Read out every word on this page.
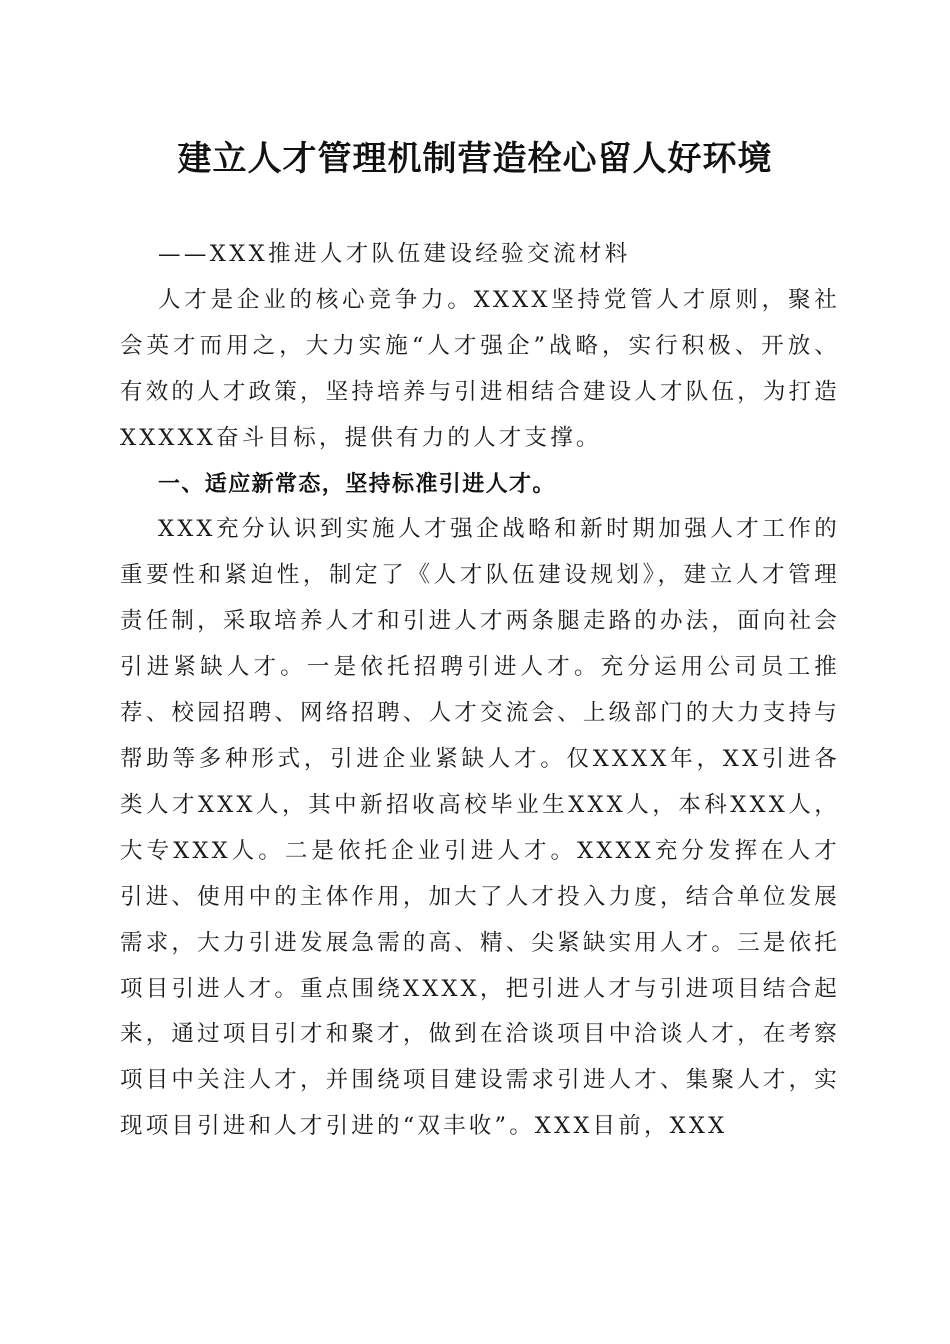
建立人才管理机制营造栓心留人好环境

——XXX推进人才队伍建设经验交流材料

人才是企业的核心竞争力。XXXX坚持党管人才原则，聚社会英才而用之，大力实施“人才强企”战略，实行积极、开放、有效的人才政策，坚持培养与引进相结合建设人才队伍，为打造XXXXX奋斗目标，提供有力的人才支撑。

一、适应新常态，坚持标准引进人才。

XXX充分认识到实施人才强企战略和新时期加强人才工作的重要性和紧迫性，制定了《人才队伍建设规划》，建立人才管理责任制，采取培养人才和引进人才两条腿走路的办法，面向社会引进紧缺人才。一是依托招聘引进人才。充分运用公司员工推荐、校园招聘、网络招聘、人才交流会、上级部门的大力支持与帮助等多种形式，引进企业紧缺人才。仅XXXX年，XX引进各类人才XXX人，其中新招收高校毕业生XXX人，本科XXX人，大专XXX人。二是依托企业引进人才。XXXX充分发挥在人才引进、使用中的主体作用，加大了人才投入力度，结合单位发展需求，大力引进发展急需的高、精、尖紧缺实用人才。三是依托项目引进人才。重点围绕XXXX，把引进人才与引进项目结合起来，通过项目引才和聚才，做到在洽谈项目中洽谈人才，在考察项目中关注人才，并围绕项目建设需求引进人才、集聚人才，实现项目引进和人才引进的“双丰收”。XXX目前，XXX
